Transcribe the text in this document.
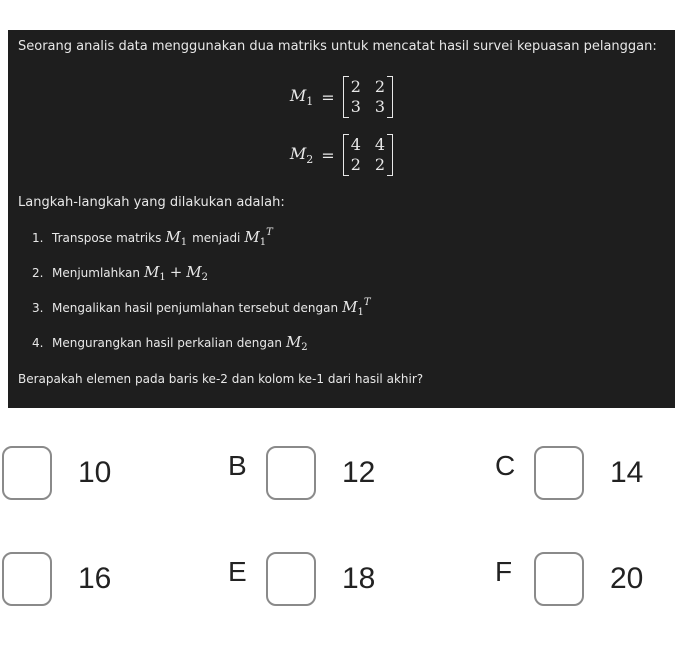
Seorang analis data menggunakan dua matriks untuk mencatat hasil survei kepuasan pelanggan:
$M_1$ =
2 2
3 3
$M_2$ =
4 4
2 2
Langkah-langkah yang dilakukan adalah:
1. Transpose matriks $M_1$ menjadi $M_1^T$
2. Menjumlahkan $M_1 + M_2$
3. Mengalikan hasil penjumlahan tersebut dengan $M_1^T$
4. Mengurangkan hasil perkalian dengan $M_2$
Berapakah elemen pada baris ke-2 dan kolom ke-1 dari hasil akhir?
10	B	12	C	14
16	E	18	F	20
